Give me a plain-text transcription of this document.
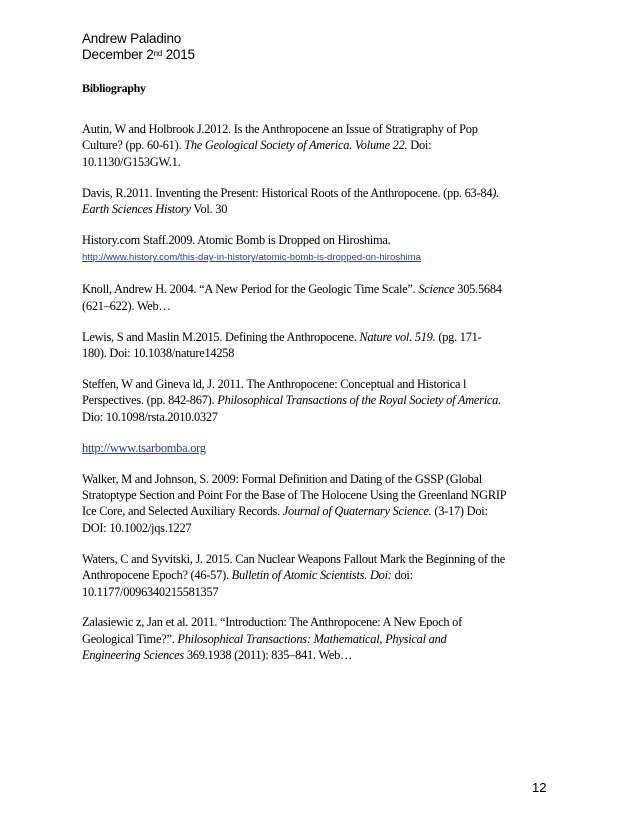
Andrew Paladino
December 2nd 2015
Bibliography
Autin, W and Holbrook J.2012. Is the Anthropocene an Issue of Stratigraphy of Pop
Culture? (pp. 60-61). The Geological Society of America. Volume 22. Doi:
10.1130/G153GW.1.
Davis, R.2011. Inventing the Present: Historical Roots of the Anthropocene. (pp. 63-84).
Earth Sciences History Vol. 30
History.com Staff.2009. Atomic Bomb is Dropped on Hiroshima.
http://www.history.com/this-day-in-history/atomic-bomb-is-dropped-on-hiroshima
Knoll, Andrew H. 2004. “A New Period for the Geologic Time Scale”. Science 305.5684
(621–622). Web…
Lewis, S and Maslin M.2015. Defining the Anthropocene. Nature vol. 519. (pg. 171-
180). Doi: 10.1038/nature14258
Steffen, W and Gineva ld, J. 2011. The Anthropocene: Conceptual and Historica l
Perspectives. (pp. 842-867). Philosophical Transactions of the Royal Society of America.
Dio: 10.1098/rsta.2010.0327
http://www.tsarbomba.org
Walker, M and Johnson, S. 2009: Formal Definition and Dating of the GSSP (Global
Stratoptype Section and Point For the Base of The Holocene Using the Greenland NGRIP
Ice Core, and Selected Auxiliary Records. Journal of Quaternary Science. (3-17) Doi:
DOI: 10.1002/jqs.1227
Waters, C and Syvitski, J. 2015. Can Nuclear Weapons Fallout Mark the Beginning of the
Anthropocene Epoch? (46-57). Bulletin of Atomic Scientists. Doi: doi:
10.1177/0096340215581357
Zalasiewic z, Jan et al. 2011. “Introduction: The Anthropocene: A New Epoch of
Geological Time?”. Philosophical Transactions: Mathematical, Physical and
Engineering Sciences 369.1938 (2011): 835–841. Web…
12
